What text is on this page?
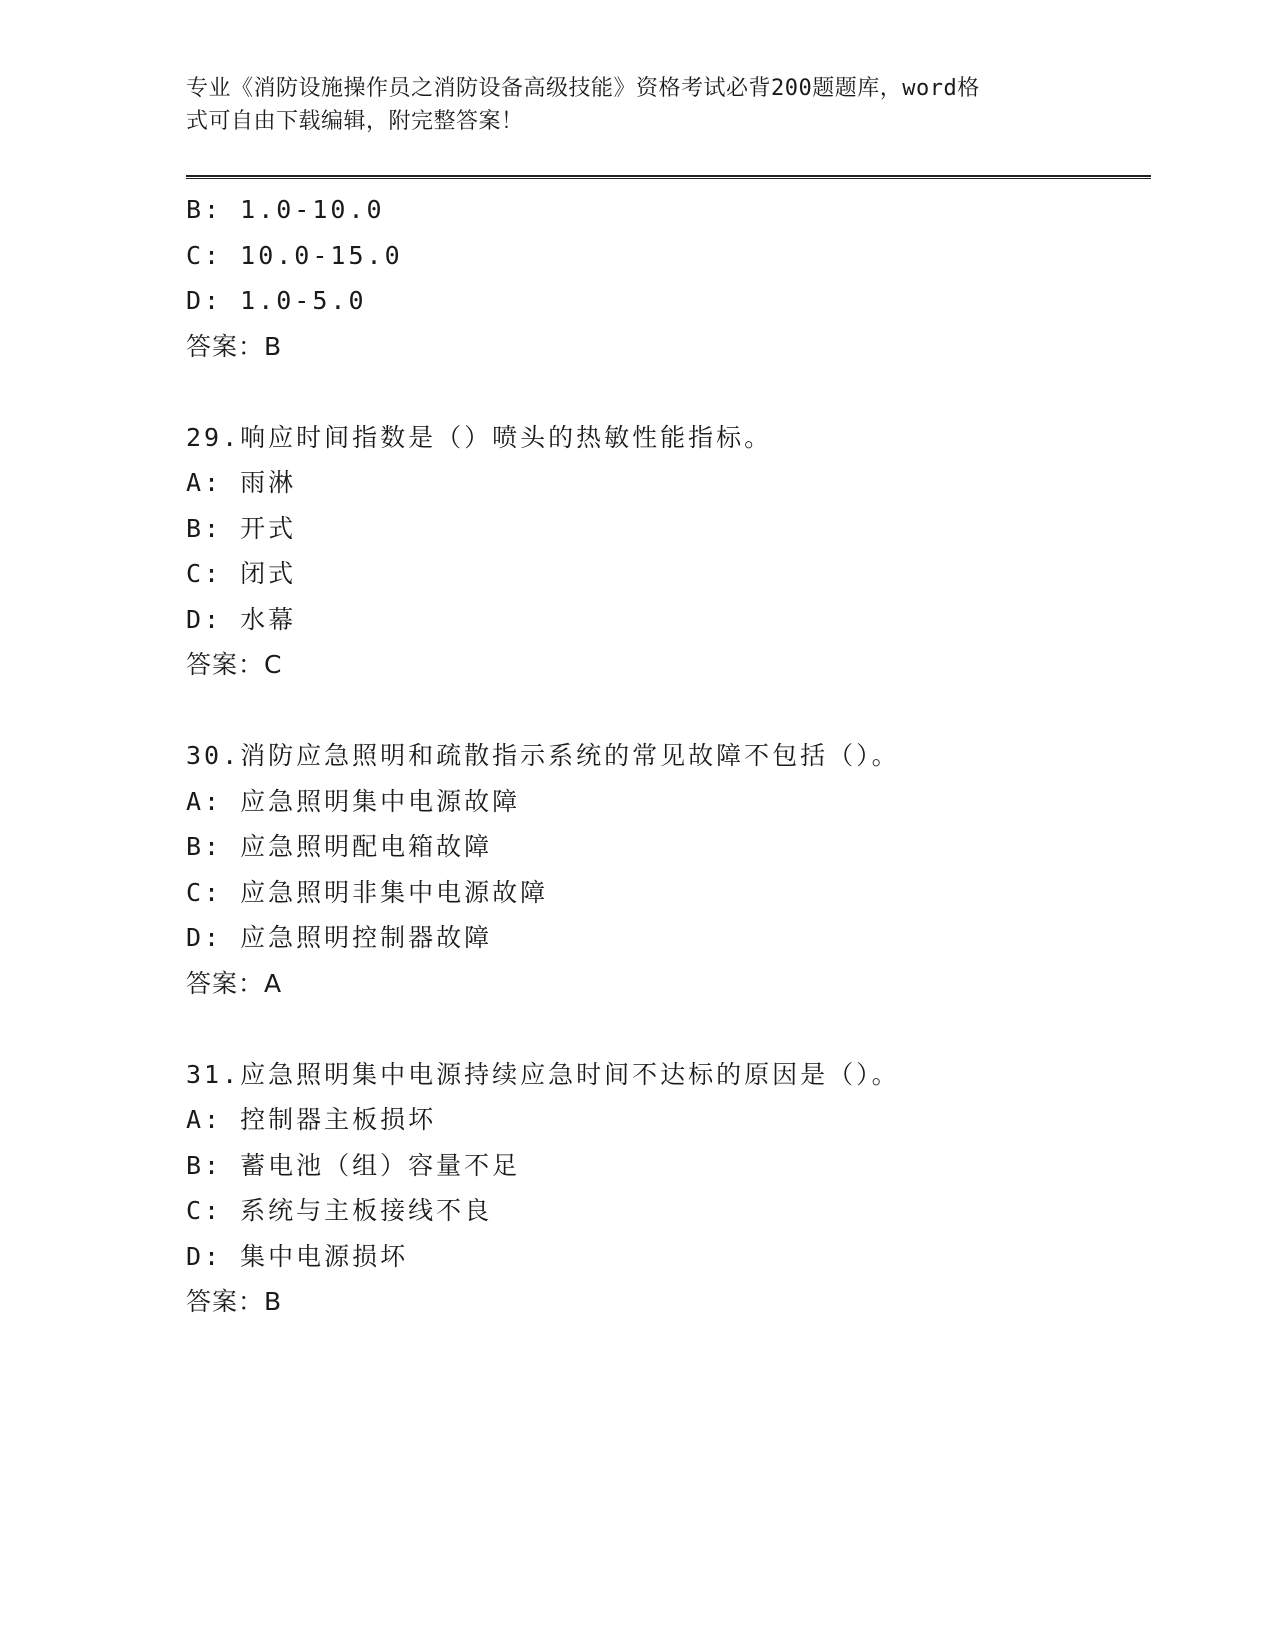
专业《消防设施操作员之消防设备高级技能》资格考试必背200题题库，word格
式可自由下载编辑，附完整答案！
B: 1.0-10.0
C: 10.0-15.0
D: 1.0-5.0
答案：B
29.响应时间指数是（）喷头的热敏性能指标。
A: 雨淋
B: 开式
C: 闭式
D: 水幕
答案：C
30.消防应急照明和疏散指示系统的常见故障不包括（）。
A: 应急照明集中电源故障
B: 应急照明配电箱故障
C: 应急照明非集中电源故障
D: 应急照明控制器故障
答案：A
31.应急照明集中电源持续应急时间不达标的原因是（）。
A: 控制器主板损坏
B: 蓄电池（组）容量不足
C: 系统与主板接线不良
D: 集中电源损坏
答案：B
